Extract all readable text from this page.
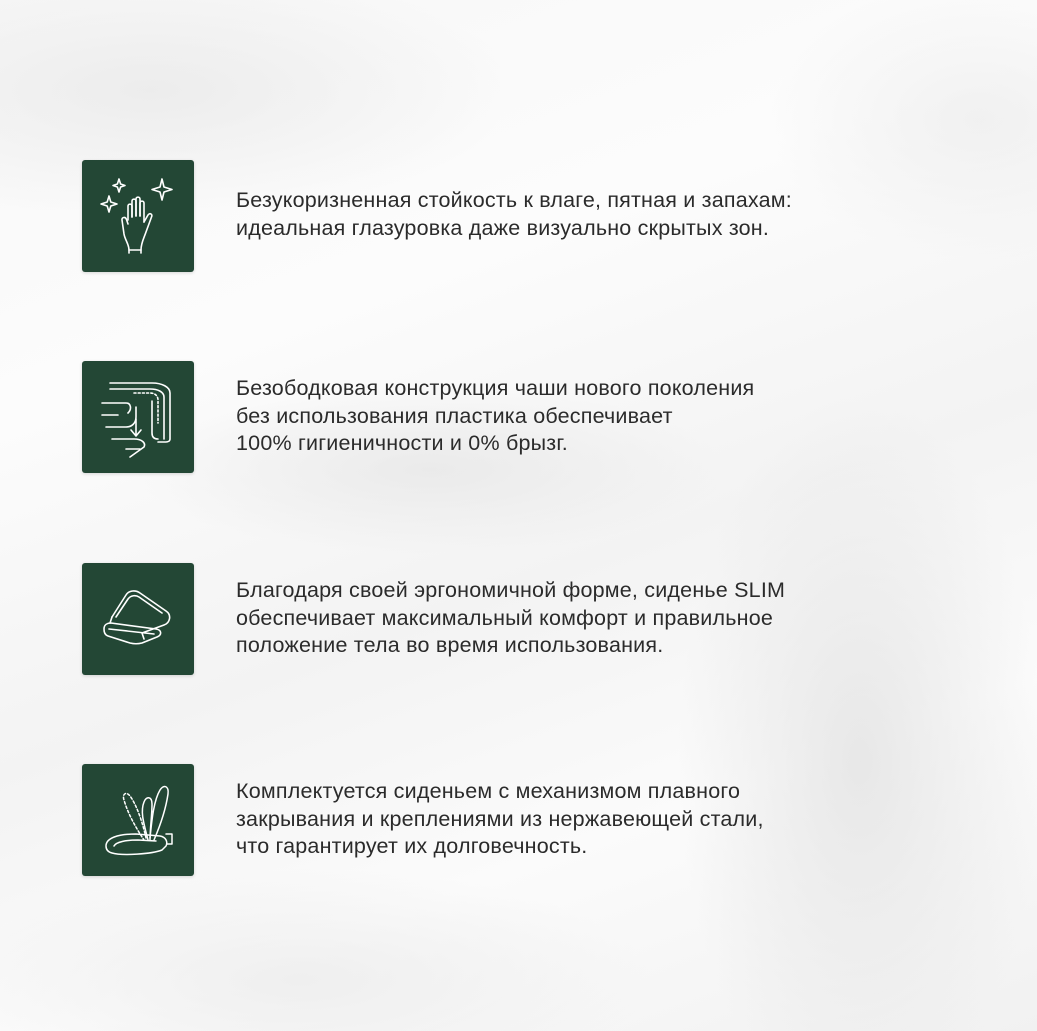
Безукоризненная стойкость к влаге, пятная и запахам:
идеальная глазуровка даже визуально скрытых зон.
Безободковая конструкция чаши нового поколения
без использования пластика обеспечивает
100% гигиеничности и 0% брызг.
Благодаря своей эргономичной форме, сиденье SLIM
обеспечивает максимальный комфорт и правильное
положение тела во время использования.
Комплектуется сиденьем с механизмом плавного
закрывания и креплениями из нержавеющей стали,
что гарантирует их долговечность.
